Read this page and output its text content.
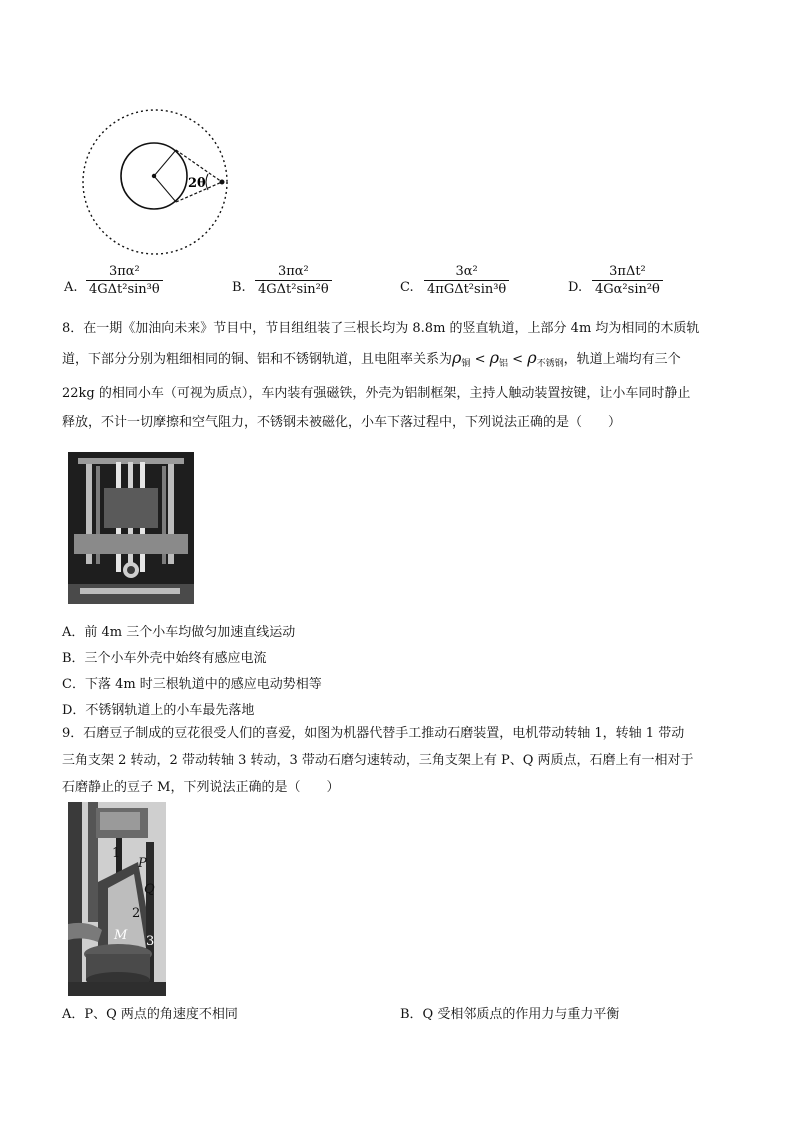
2θ
A.
3πα²
4GΔt²sin³θ	B.
3πα²
4GΔt²sin²θ	C.
3α²
4πGΔt²sin³θ	D.
3πΔt²
4Gα²sin²θ
8．在一期《加油向未来》节目中，节目组组装了三根长均为 8.8m 的竖直轨道，上部分 4m 均为相同的木质轨
道，下部分分别为粗细相同的铜、铝和不锈钢轨道，且电阻率关系为$\rho_铜 < \rho_铝 < \rho_{不锈钢}$，轨道上端均有三个
22kg 的相同小车（可视为质点），车内装有强磁铁，外壳为铝制框架，主持人触动装置按键，让小车同时静止
释放，不计一切摩擦和空气阻力，不锈钢未被磁化，小车下落过程中，下列说法正确的是（　　）
A．前 4m 三个小车均做匀加速直线运动
B．三个小车外壳中始终有感应电流
C．下落 4m 时三根轨道中的感应电动势相等
D．不锈钢轨道上的小车最先落地
9．石磨豆子制成的豆花很受人们的喜爱，如图为机器代替手工推动石磨装置，电机带动转轴 1，转轴 1 带动
三角支架 2 转动，2 带动转轴 3 转动，3 带动石磨匀速转动，三角支架上有 P、Q 两质点，石磨上有一相对于
石磨静止的豆子 M，下列说法正确的是（　　）
1
P
Q
2
M 3
A．P、Q 两点的角速度不相同	B．Q 受相邻质点的作用力与重力平衡
